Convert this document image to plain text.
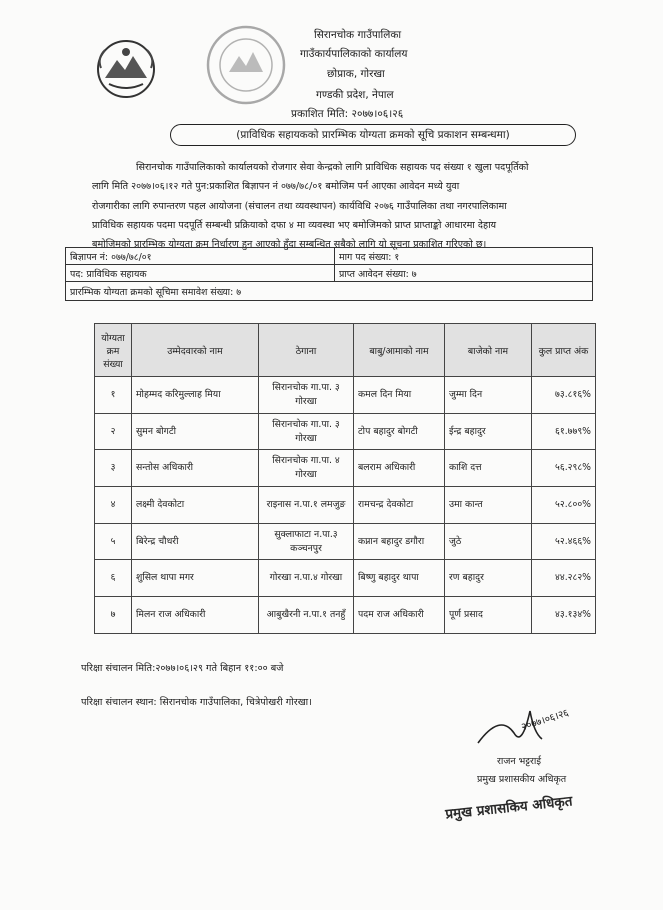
सिरानचोक गाउँपालिका
गाउँकार्यपालिकाको कार्यालय
छोप्राक, गोरखा
गण्डकी प्रदेश, नेपाल
प्रकाशित मिति: २०७७।०६।२६
(प्राविधिक सहायकको प्रारम्भिक योग्यता क्रमको सूचि प्रकाशन सम्बन्धमा)
सिरानचोक गाउँपालिकाको कार्यालयको रोजगार सेवा केन्द्रको लागि प्राविधिक सहायक पद संख्या १ खुला पदपूर्तिको
लागि मिति २०७७।०६।१२ गते पुन:प्रकाशित बिज्ञापन नं ०७७/७८/०१ बमोजिम पर्न आएका आवेदन मध्ये युवा
रोजगारीका लागि रुपान्तरण पहल आयोजना (संचालन तथा व्यवस्थापन) कार्यविधि २०७६ गाउँपालिका तथा नगरपालिकामा
प्राविधिक सहायक पदमा पदपूर्ति सम्बन्धी प्रक्रियाको दफा ४ मा व्यवस्था भए बमोजिमको प्राप्त प्राप्ताङ्को आधारमा देहाय
बमोजिमको प्रारम्भिक योग्यता क्रम निर्धारण हुन आएको हुँदा सम्बन्धित सबैको लागि यो सूचना प्रकाशित गरिएको छ।
बिज्ञापन नं: ०७७/७८/०१	माग पद संख्या: १
पद: प्राविधिक सहायक	प्राप्त आवेदन संख्या: ७
प्रारम्भिक योग्यता क्रमको सूचिमा समावेश संख्या: ७	
योग्यता क्रम संख्या	उम्मेदवारको नाम	ठेगाना	बाबु/आमाको नाम	बाजेको नाम	कुल प्राप्त अंक
१	मोहम्मद करिमुल्लाह मिया	सिरानचोक गा.पा. ३ गोरखा	कमल दिन मिया	जुम्मा दिन	७३.८१६%
२	सुमन बोगटी	सिरानचोक गा.पा. ३ गोरखा	टोप बहादुर बोगटी	ईन्द्र बहादुर	६१.७७९%
३	सन्तोस अधिकारी	सिरानचोक गा.पा. ४ गोरखा	बलराम अधिकारी	काशि दत्त	५६.२९८%
४	लक्ष्मी देवकोटा	राइनास न.पा.१ लमजुङ	रामचन्द्र देवकोटा	उमा कान्त	५२.८००%
५	बिरेन्द्र चौधरी	सुक्लाफाटा न.पा.३ कञ्चनपुर	कप्नान बहादुर डगौरा	जुठे	५२.४६६%
६	शुसिल थापा मगर	गोरखा न.पा.४ गोरखा	बिष्णु बहादुर थापा	रण बहादुर	४४.२८२%
७	मिलन राज अधिकारी	आबुखैरनी न.पा.१ तनहुँ	पदम राज अधिकारी	पूर्ण प्रसाद	४३.१३४%
परिक्षा संचालन मिति:२०७७।०६।२९ गते बिहान ११:०० बजे
परिक्षा संचालन स्थान: सिरानचोक गाउँपालिका, चित्रेपोखरी गोरखा।
२०७७।०६।२६
राजन भट्टराई
प्रमुख प्रशासकीय अधिकृत
प्रमुख प्रशासकिय अधिकृत
